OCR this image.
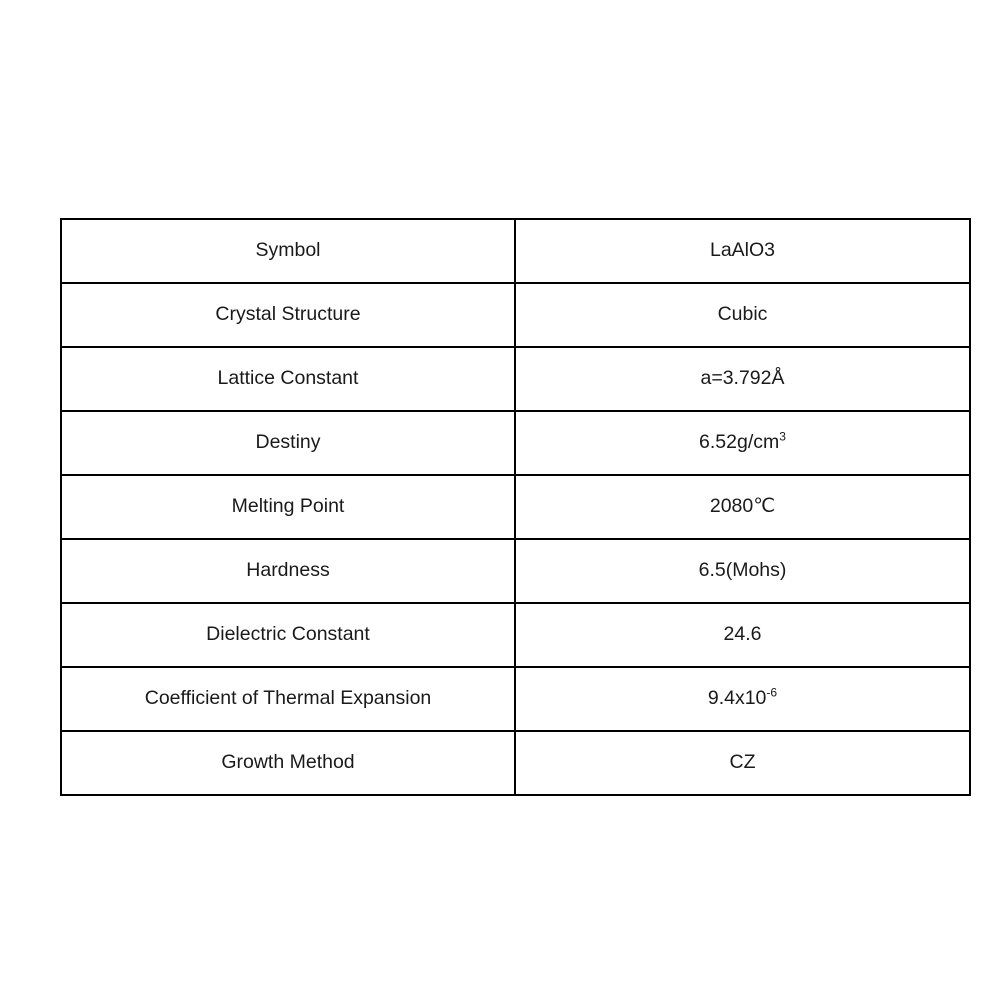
Symbol	LaAlO3
Crystal Structure	Cubic
Lattice Constant	a=3.792Å
Destiny	$6.52g/cm^3$
Melting Point	2080℃
Hardness	6.5(Mohs)
Dielectric Constant	24.6
Coefficient of Thermal Expansion	$9.4x10^{-6}$
Growth Method	CZ
